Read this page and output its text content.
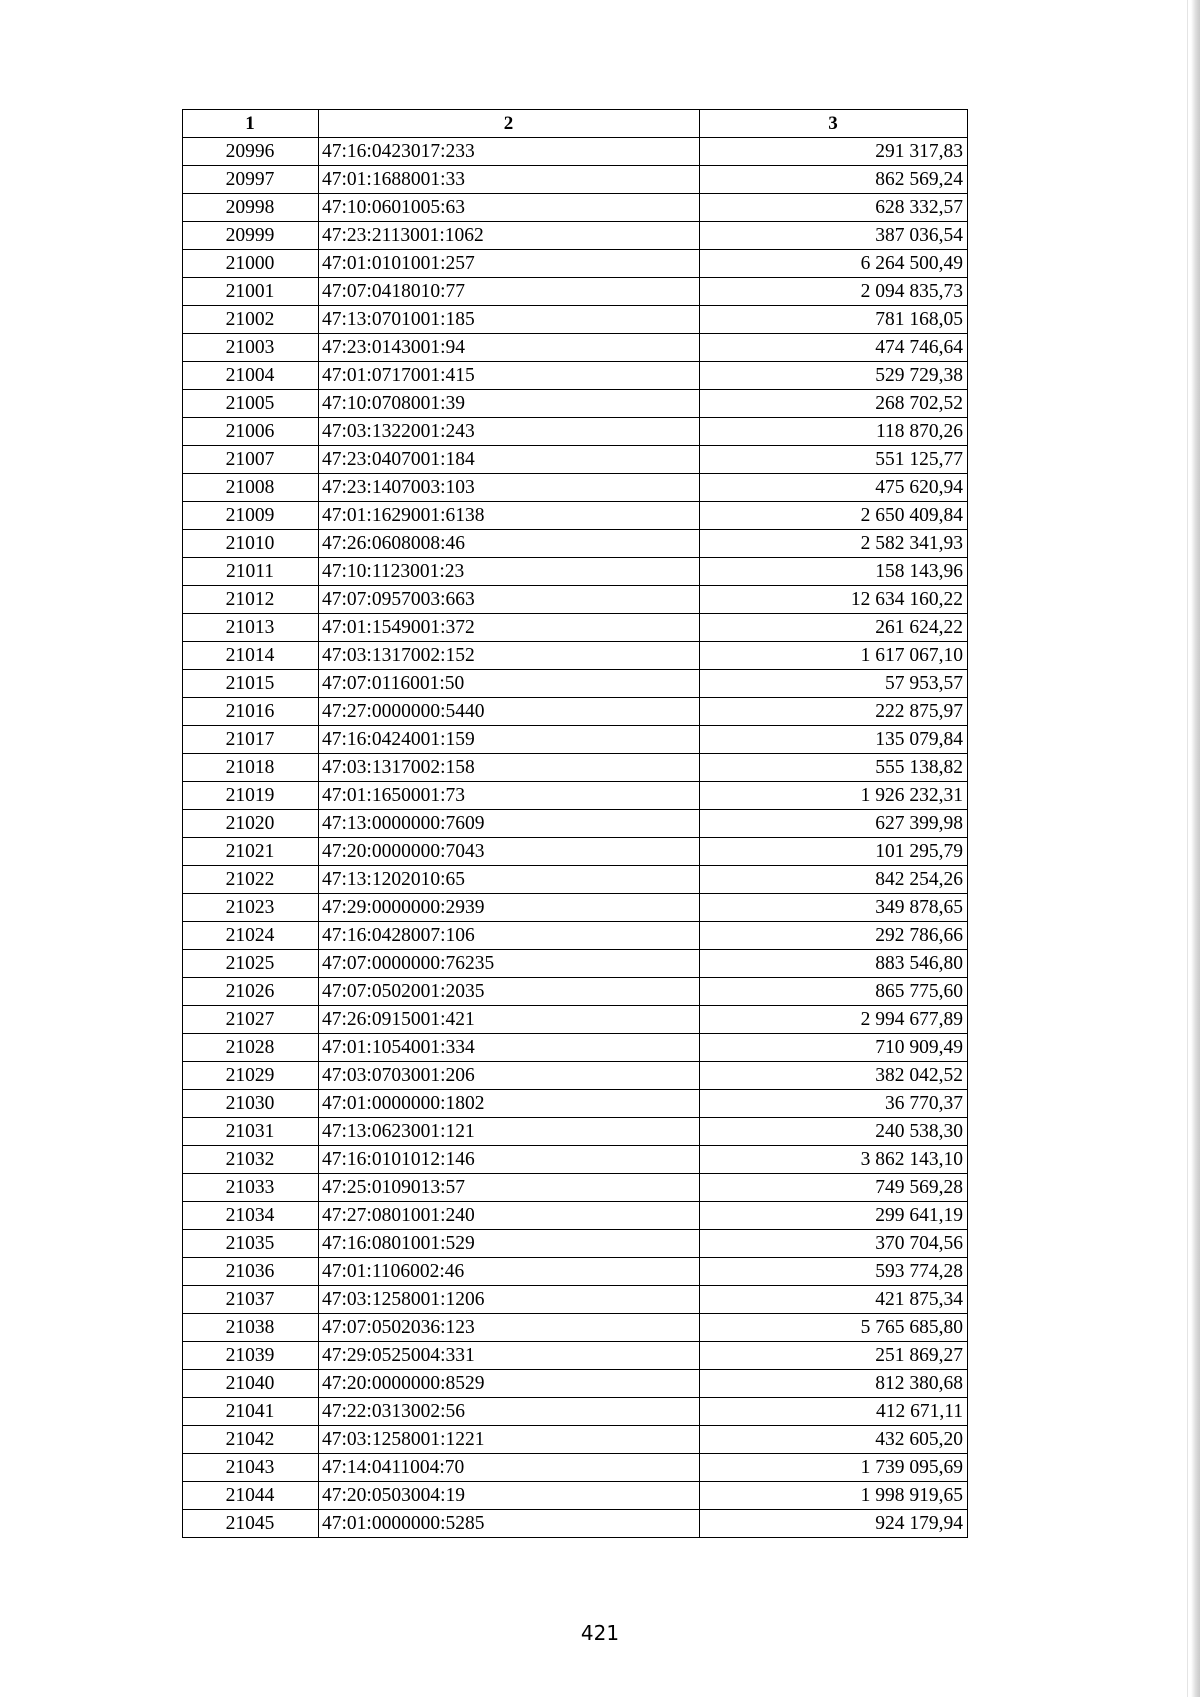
1	2	3
20996	47:16:0423017:233	291 317,83
20997	47:01:1688001:33	862 569,24
20998	47:10:0601005:63	628 332,57
20999	47:23:2113001:1062	387 036,54
21000	47:01:0101001:257	6 264 500,49
21001	47:07:0418010:77	2 094 835,73
21002	47:13:0701001:185	781 168,05
21003	47:23:0143001:94	474 746,64
21004	47:01:0717001:415	529 729,38
21005	47:10:0708001:39	268 702,52
21006	47:03:1322001:243	118 870,26
21007	47:23:0407001:184	551 125,77
21008	47:23:1407003:103	475 620,94
21009	47:01:1629001:6138	2 650 409,84
21010	47:26:0608008:46	2 582 341,93
21011	47:10:1123001:23	158 143,96
21012	47:07:0957003:663	12 634 160,22
21013	47:01:1549001:372	261 624,22
21014	47:03:1317002:152	1 617 067,10
21015	47:07:0116001:50	57 953,57
21016	47:27:0000000:5440	222 875,97
21017	47:16:0424001:159	135 079,84
21018	47:03:1317002:158	555 138,82
21019	47:01:1650001:73	1 926 232,31
21020	47:13:0000000:7609	627 399,98
21021	47:20:0000000:7043	101 295,79
21022	47:13:1202010:65	842 254,26
21023	47:29:0000000:2939	349 878,65
21024	47:16:0428007:106	292 786,66
21025	47:07:0000000:76235	883 546,80
21026	47:07:0502001:2035	865 775,60
21027	47:26:0915001:421	2 994 677,89
21028	47:01:1054001:334	710 909,49
21029	47:03:0703001:206	382 042,52
21030	47:01:0000000:1802	36 770,37
21031	47:13:0623001:121	240 538,30
21032	47:16:0101012:146	3 862 143,10
21033	47:25:0109013:57	749 569,28
21034	47:27:0801001:240	299 641,19
21035	47:16:0801001:529	370 704,56
21036	47:01:1106002:46	593 774,28
21037	47:03:1258001:1206	421 875,34
21038	47:07:0502036:123	5 765 685,80
21039	47:29:0525004:331	251 869,27
21040	47:20:0000000:8529	812 380,68
21041	47:22:0313002:56	412 671,11
21042	47:03:1258001:1221	432 605,20
21043	47:14:0411004:70	1 739 095,69
21044	47:20:0503004:19	1 998 919,65
21045	47:01:0000000:5285	924 179,94
421
